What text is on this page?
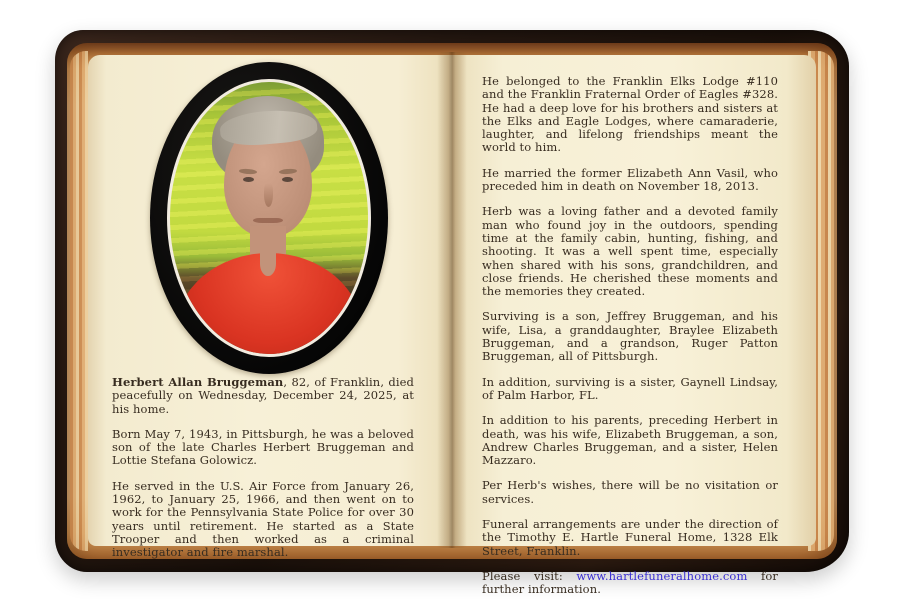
Herbert Allan Bruggeman, 82, of Franklin, died peacefully on Wednesday, December 24, 2025, at his home.

Born May 7, 1943, in Pittsburgh, he was a beloved son of the late Charles Herbert Bruggeman and Lottie Stefana Golowicz.

He served in the U.S. Air Force from January 26, 1962, to January 25, 1966, and then went on to work for the Pennsylvania State Police for over 30 years until retirement. He started as a State Trooper and then worked as a criminal investigator and fire marshal.

He belonged to the Franklin Elks Lodge #110 and the Franklin Fraternal Order of Eagles #328. He had a deep love for his brothers and sisters at the Elks and Eagle Lodges, where camaraderie, laughter, and lifelong friendships meant the world to him.

He married the former Elizabeth Ann Vasil, who preceded him in death on November 18, 2013.

Herb was a loving father and a devoted family man who found joy in the outdoors, spending time at the family cabin, hunting, fishing, and shooting. It was a well spent time, especially when shared with his sons, grandchildren, and close friends. He cherished these moments and the memories they created.

Surviving is a son, Jeffrey Bruggeman, and his wife, Lisa, a granddaughter, Braylee Elizabeth Bruggeman, and a grandson, Ruger Patton Bruggeman, all of Pittsburgh.

In addition, surviving is a sister, Gaynell Lindsay, of Palm Harbor, FL.

In addition to his parents, preceding Herbert in death, was his wife, Elizabeth Bruggeman, a son, Andrew Charles Bruggeman, and a sister, Helen Mazzaro.

Per Herb's wishes, there will be no visitation or services.

Funeral arrangements are under the direction of the Timothy E. Hartle Funeral Home, 1328 Elk Street, Franklin.

Please visit: www.hartlefuneralhome.com for further information.
